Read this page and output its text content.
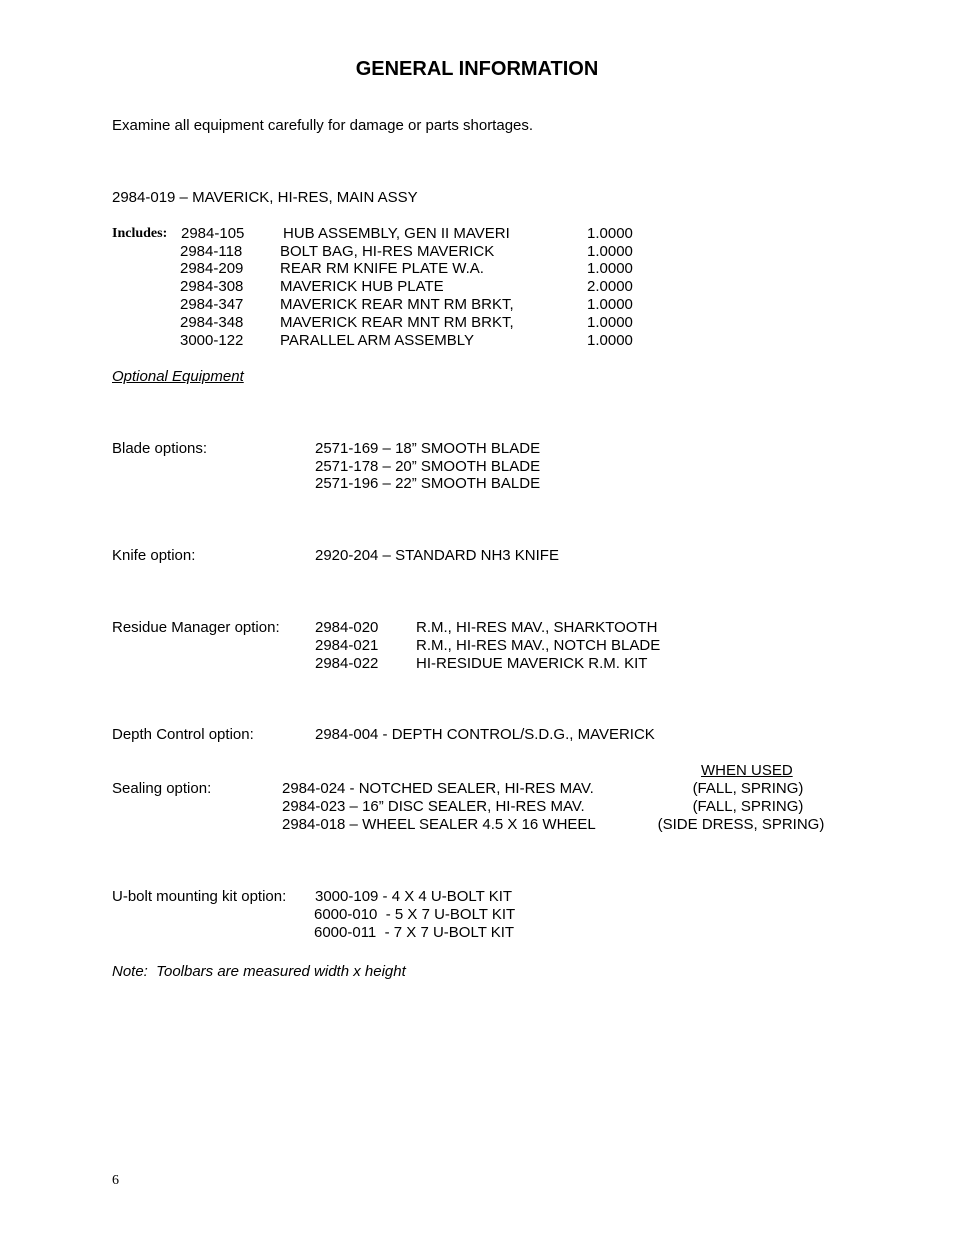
GENERAL INFORMATION
Examine all equipment carefully for damage or parts shortages.
2984-019 – MAVERICK, HI-RES, MAIN ASSY
Includes: 2984-105	HUB ASSEMBLY, GEN II MAVERI	1.0000
2984-118	BOLT BAG, HI-RES MAVERICK	1.0000
2984-209 REAR RM KNIFE PLATE W.A.	1.0000
2984-308 MAVERICK HUB PLATE	2.0000
2984-347 MAVERICK REAR MNT RM BRKT,	1.0000
2984-348 MAVERICK REAR MNT RM BRKT,	1.0000
3000-122 PARALLEL ARM ASSEMBLY	1.0000
Optional Equipment
Blade options:	2571-169 – 18” SMOOTH BLADE
2571-178 – 20” SMOOTH BLADE
2571-196 – 22” SMOOTH BALDE
Knife option:	2920-204 – STANDARD NH3 KNIFE
Residue Manager option: 2984-020	R.M., HI-RES MAV., SHARKTOOTH
2984-021	R.M., HI-RES MAV., NOTCH BLADE
2984-022	HI-RESIDUE MAVERICK R.M. KIT
Depth Control option:	2984-004 - DEPTH CONTROL/S.D.G., MAVERICK
WHEN USED
Sealing option:	2984-024 - NOTCHED SEALER, HI-RES MAV.	(FALL, SPRING)
2984-023 – 16” DISC SEALER, HI-RES MAV.	(FALL, SPRING)
2984-018 – WHEEL SEALER 4.5 X 16 WHEEL	(SIDE DRESS, SPRING)
U-bolt mounting kit option: 3000-109 - 4 X 4 U-BOLT KIT
6000-010  - 5 X 7 U-BOLT KIT
6000-011  - 7 X 7 U-BOLT KIT
Note:  Toolbars are measured width x height
6
